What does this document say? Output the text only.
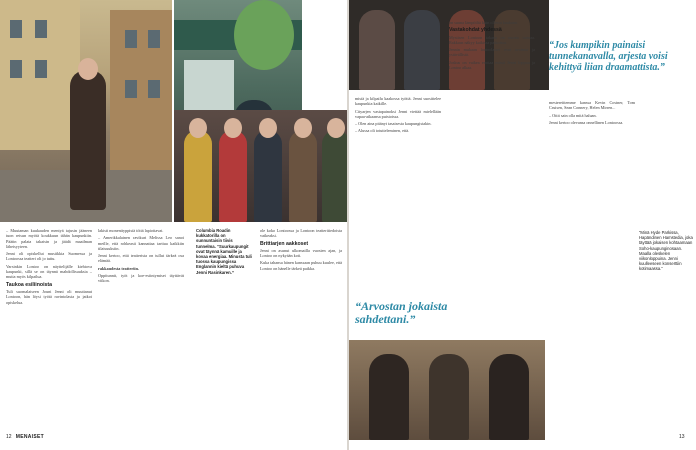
– Muutaman kuukauden mentyä tajusin jääneen tuon reisun myötä koukkuun tähän kaupunkiin. Päätin palata takaisin ja jäädä maailman läheisyyteen.

Jenni oli opiskellut musiikkia Suomessa ja Lontoossa teatteri oli jo tuttu.

Varsinkin Lontoo on näyttelijälle kiehtova kaupunki, sillä se on täynnä mahdollisuuksia – mutta myös kilpailua.

Taukoa esiliinoista

Tuli suomalaiseen Jouni Jenni oli muuttanut Lontoon, hän löysi työtä ravintolasta ja jatkoi opiskelua.

lakisti monenttyppisiä töitä lapiottavat.

– Amerikkalainen ravikuri Melissa Leo sanoi meille, että rohkeasti kannattaa tarttua kaikkiin tilaisuuksiin.

Jenni kertoo, että teatterista on tullut tärkeä osa elämää.

rakkaudesta teatteriin.

Oppitunnit, työt ja koe-esiintymiset täyttävät viikon.

Columbia Roadin kukkatorilla on sunnuntaisin tiivis tunnelma. “Suurkaupungit ovat täynnä kamuille ja kovaa energiaa. Minusta tuli tuossa kaupungissa Englannin kieltä puhuva Jenni Rasinkaren.”

ole koko Lontoossa ja Lontoon teatteritiedoista vaikeaksi.

Brittiarjen aakkoset

Jenni on asunut ulkomailla vuosien ajan, ja Lontoo on nykyään koti.

Kuka tahansa hänen kanssaan puhuu kuulee, että Lontoo on hänelle tärkeä paikka.

12 MENAISET

mistä ja kilpailu kaakossa työttä. Jenni suosittelee kaupunkia kaikille.

Cityarjen vastapainoksi Jenni viettää mielellään vapaa-aikaansa puistoissa.

– Olen aina pitänyt tasaisesta kaupungistakin.

– Alussa oli totutteleminen, että.

on suuna lämpöiltä kuin ollessa kaukana.

Vastakohdat yhdessä

Mystisen Lontoon takana on monta tarinaa. Rakkaus näkyy kaikissa paikoissa.

Jennin mukaan lontoolaiset ovat avoimia ja ystävällisiä.

Joskus on vaikea erottaa missä Jenni loppuu ja Lontoo alkaa.

“Jos kumpikin painaisi tunnekanavalla, arjesta voisi kehittyä liian draamattista.”

mestereittemme kanssa Kevin Costner, Tom Cruisen, Sean Connery, Helen Mirren...

– Ottit sain olla mitä haluan.

Jenni kertoo olevansa onnellinen Lontoossa.

“Arvostan jokaista sahdettani.”
“Minä Hyde Parkissa, Hapändinen Hamstedia, joka täyttää jokaisen kohtaamaan Soho-kaupunginosaan. Maalla oleskelen viikonloppuina. Jenni kuulleeseen konserttiin kotimaassa.”
13
